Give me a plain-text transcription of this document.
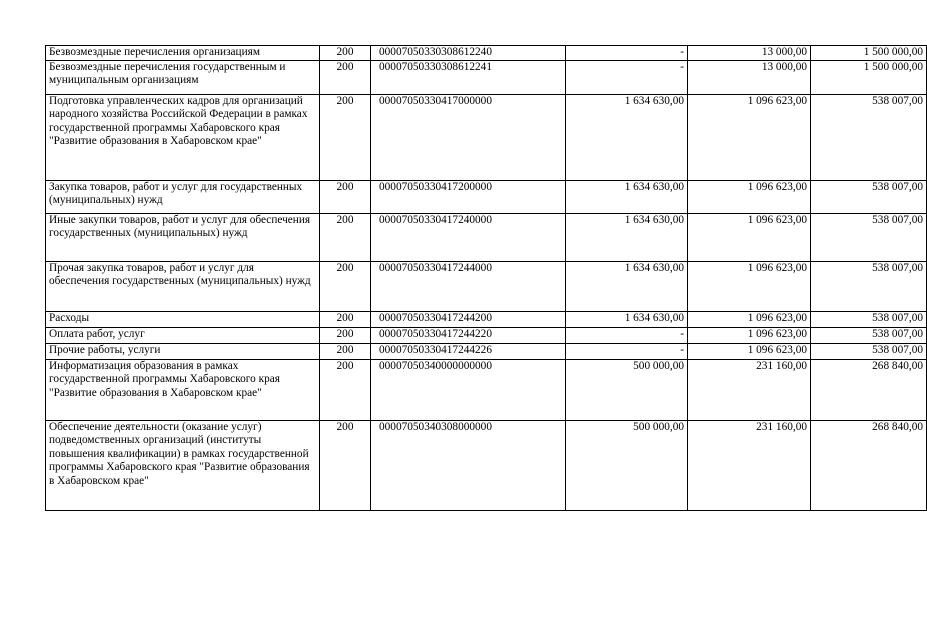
Безвозмездные перечисления организациям	200	00007050330308612240	-	13 000,00	1 500 000,00
Безвозмездные перечисления государственным и муниципальным организациям	200	00007050330308612241	-	13 000,00	1 500 000,00
Подготовка управленческих кадров для организаций народного хозяйства Российской Федерации в рамках государственной программы Хабаровского края "Развитие образования в Хабаровском крае"	200	00007050330417000000	1 634 630,00	1 096 623,00	538 007,00
Закупка товаров, работ и услуг для государственных (муниципальных) нужд	200	00007050330417200000	1 634 630,00	1 096 623,00	538 007,00
Иные закупки товаров, работ и услуг для обеспечения государственных (муниципальных) нужд	200	00007050330417240000	1 634 630,00	1 096 623,00	538 007,00
Прочая закупка товаров, работ и услуг для обеспечения государственных (муниципальных) нужд	200	00007050330417244000	1 634 630,00	1 096 623,00	538 007,00
Расходы	200	00007050330417244200	1 634 630,00	1 096 623,00	538 007,00
Оплата работ, услуг	200	00007050330417244220	-	1 096 623,00	538 007,00
Прочие работы, услуги	200	00007050330417244226	-	1 096 623,00	538 007,00
Информатизация образования в рамках государственной программы Хабаровского края "Развитие образования в Хабаровском крае"	200	00007050340000000000	500 000,00	231 160,00	268 840,00
Обеспечение деятельности (оказание услуг) подведомственных организаций (институты повышения квалификации) в рамках государственной программы Хабаровского края "Развитие образования в Хабаровском крае"	200	00007050340308000000	500 000,00	231 160,00	268 840,00
